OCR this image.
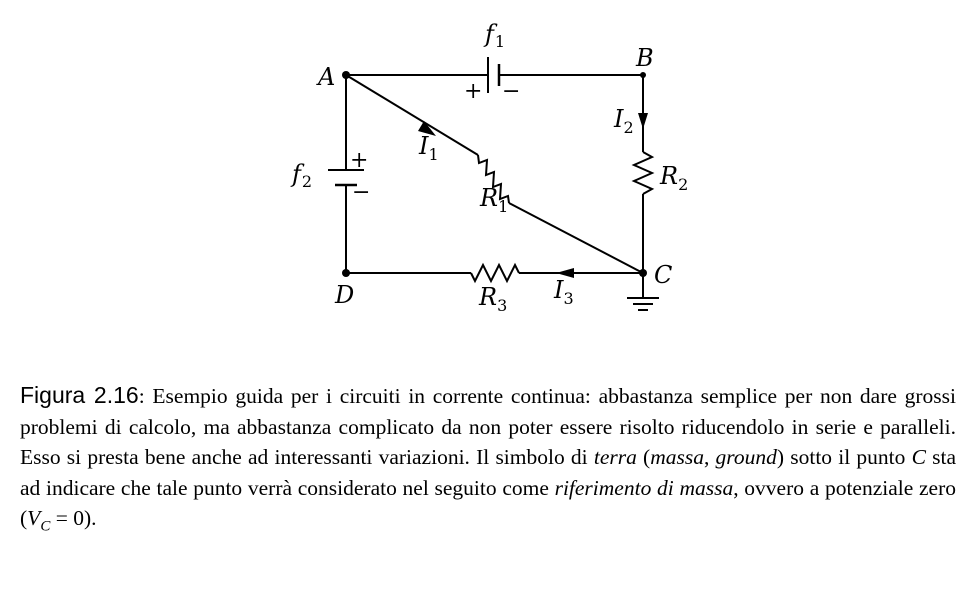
A
B
C
D
f1
+ −
f2
+
−	R1
R2
R3
I1
I2
I3

Figura 2.16: Esempio guida per i circuiti in corrente continua: abbastanza semplice per non dare grossi problemi di calcolo, ma abbastanza complicato da non poter essere risolto riducendolo in serie e paralleli. Esso si presta bene anche ad interessanti variazioni. Il simbolo di terra (massa, ground) sotto il punto C sta ad indicare che tale punto verrà considerato nel seguito come riferimento di massa, ovvero a potenziale zero $(V_C = 0)$.
